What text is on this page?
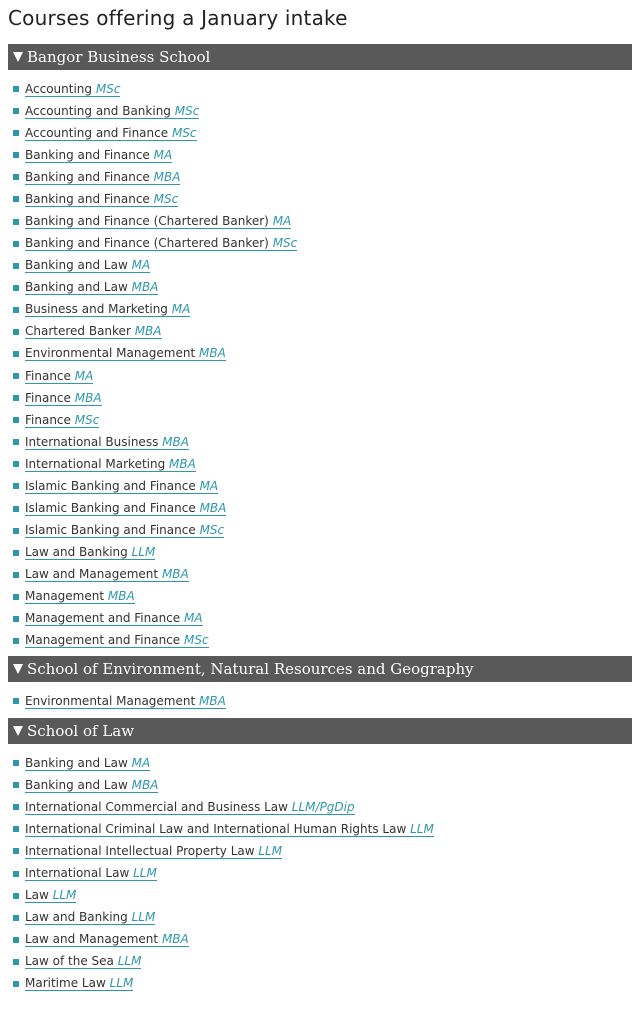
Courses offering a January intake
Bangor Business School
Accounting MSc
Accounting and Banking MSc
Accounting and Finance MSc
Banking and Finance MA
Banking and Finance MBA
Banking and Finance MSc
Banking and Finance (Chartered Banker) MA
Banking and Finance (Chartered Banker) MSc
Banking and Law MA
Banking and Law MBA
Business and Marketing MA
Chartered Banker MBA
Environmental Management MBA
Finance MA
Finance MBA
Finance MSc
International Business MBA
International Marketing MBA
Islamic Banking and Finance MA
Islamic Banking and Finance MBA
Islamic Banking and Finance MSc
Law and Banking LLM
Law and Management MBA
Management MBA
Management and Finance MA
Management and Finance MSc
School of Environment, Natural Resources and Geography
Environmental Management MBA
School of Law
Banking and Law MA
Banking and Law MBA
International Commercial and Business Law LLM/PgDip
International Criminal Law and International Human Rights Law LLM
International Intellectual Property Law LLM
International Law LLM
Law LLM
Law and Banking LLM
Law and Management MBA
Law of the Sea LLM
Maritime Law LLM
